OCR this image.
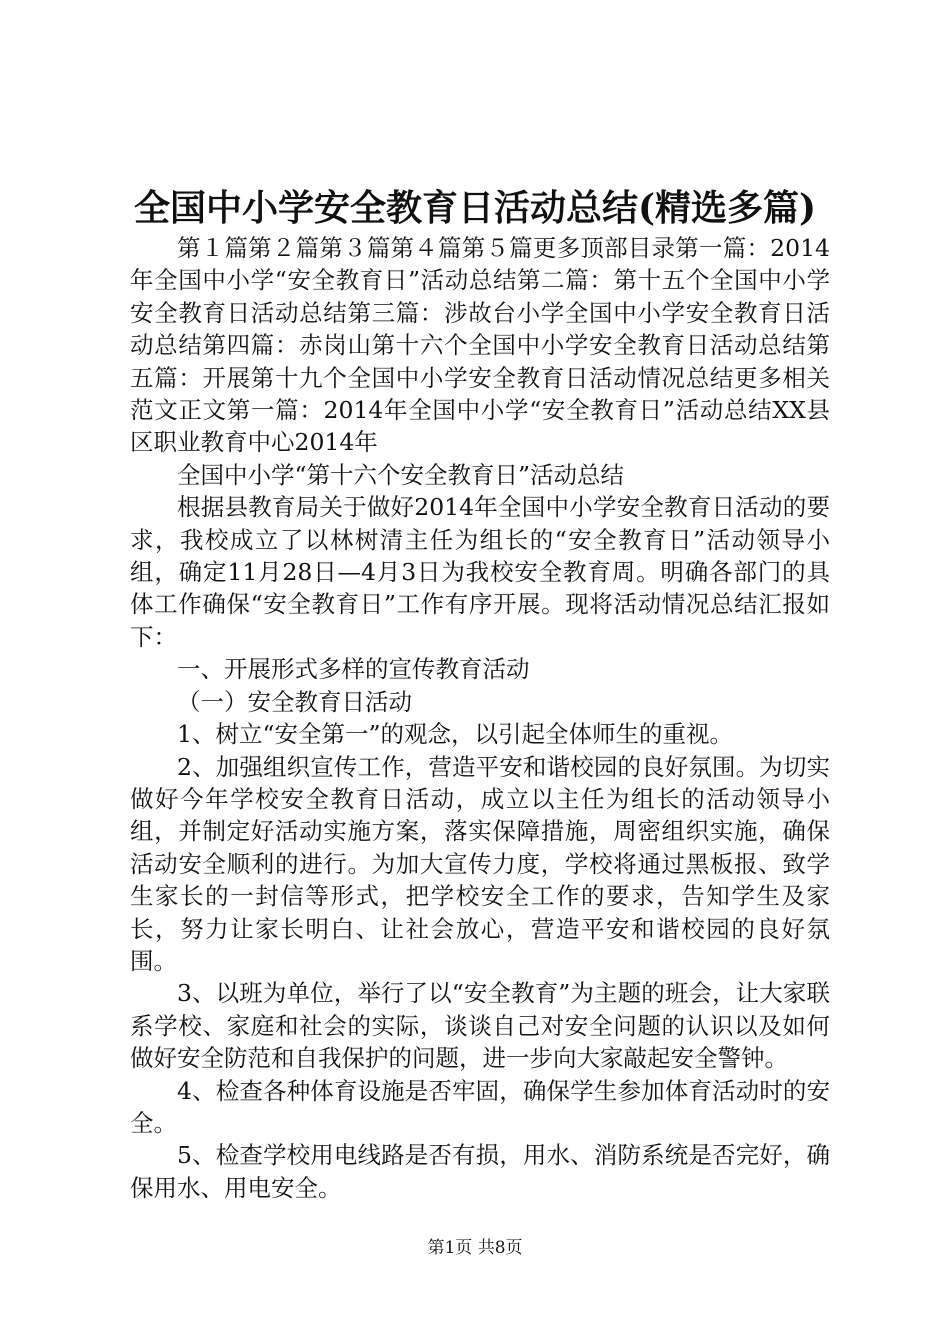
全国中小学安全教育日活动总结(精选多篇)

第１篇第２篇第３篇第４篇第５篇更多顶部目录第一篇：2014年全国中小学“安全教育日”活动总结第二篇：第十五个全国中小学安全教育日活动总结第三篇：涉故台小学全国中小学安全教育日活动总结第四篇：赤岗山第十六个全国中小学安全教育日活动总结第五篇：开展第十九个全国中小学安全教育日活动情况总结更多相关范文正文第一篇：2014年全国中小学“安全教育日”活动总结XX县区职业教育中心2014年

全国中小学“第十六个安全教育日”活动总结

根据县教育局关于做好2014年全国中小学安全教育日活动的要求，我校成立了以林树清主任为组长的“安全教育日”活动领导小组，确定11月28日—4月3日为我校安全教育周。明确各部门的具体工作确保“安全教育日”工作有序开展。现将活动情况总结汇报如下：

一、开展形式多样的宣传教育活动

（一）安全教育日活动

1、树立“安全第一”的观念，以引起全体师生的重视。

2、加强组织宣传工作，营造平安和谐校园的良好氛围。为切实做好今年学校安全教育日活动，成立以主任为组长的活动领导小组，并制定好活动实施方案，落实保障措施，周密组织实施，确保活动安全顺利的进行。为加大宣传力度，学校将通过黑板报、致学生家长的一封信等形式，把学校安全工作的要求，告知学生及家长，努力让家长明白、让社会放心，营造平安和谐校园的良好氛围。

3、以班为单位，举行了以“安全教育”为主题的班会，让大家联系学校、家庭和社会的实际，谈谈自己对安全问题的认识以及如何做好安全防范和自我保护的问题，进一步向大家敲起安全警钟。

4、检查各种体育设施是否牢固，确保学生参加体育活动时的安全。

5、检查学校用电线路是否有损，用水、消防系统是否完好，确保用水、用电安全。

第1页 共8页
